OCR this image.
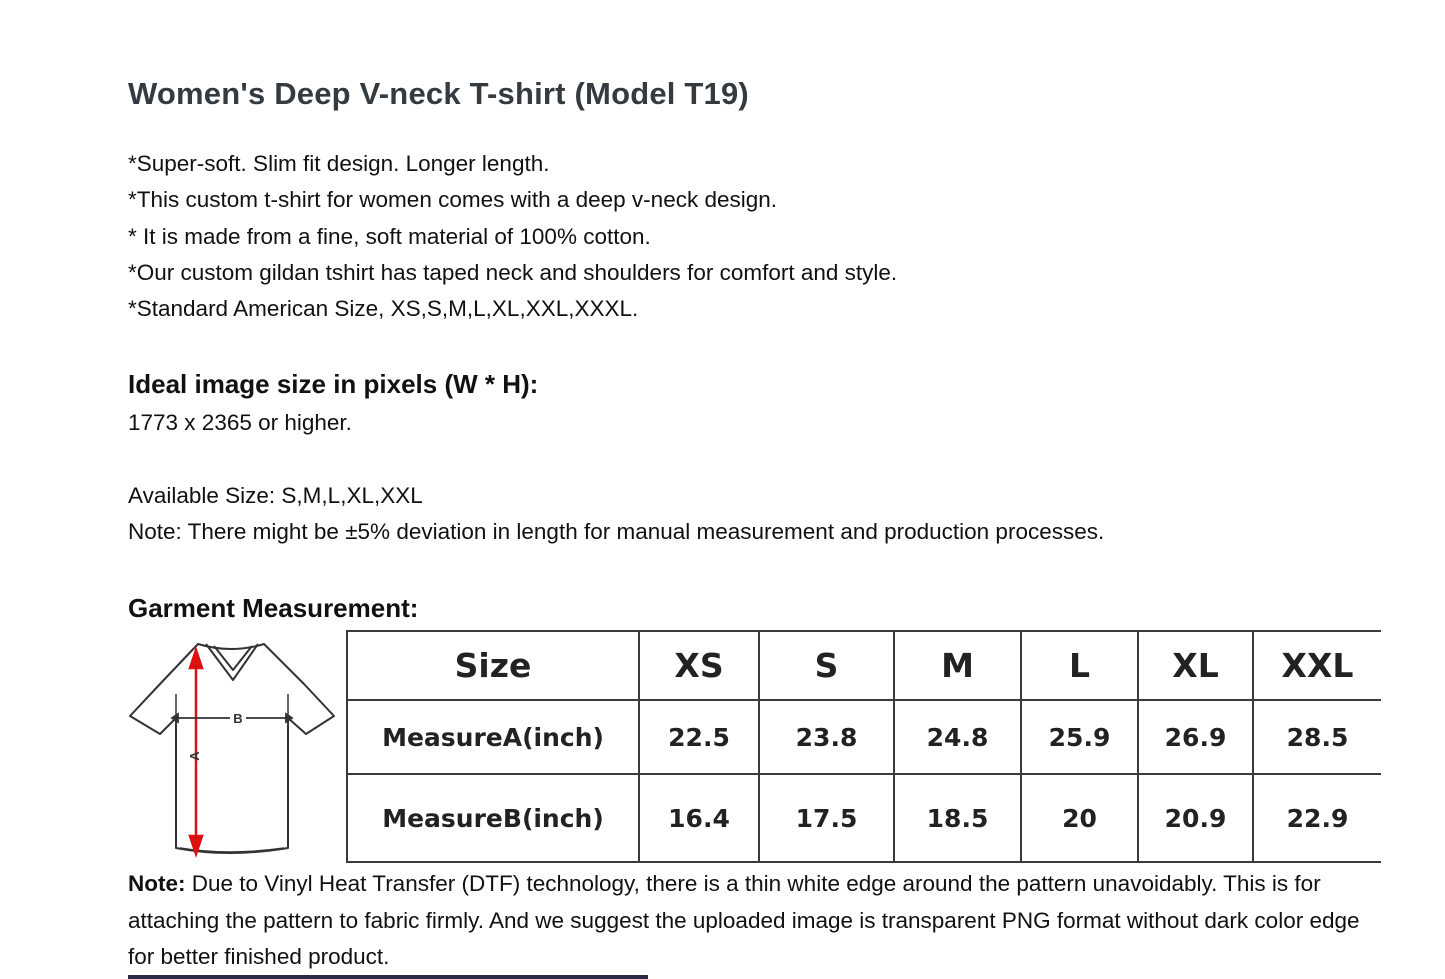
Women's Deep V-neck T-shirt (Model T19)
*Super-soft. Slim fit design. Longer length.
*This custom t-shirt for women comes with a deep v-neck design.
* It is made from a fine, soft material of 100% cotton.
*Our custom gildan tshirt has taped neck and shoulders for comfort and style.
*Standard American Size, XS,S,M,L,XL,XXL,XXXL.
Ideal image size in pixels (W * H):

1773 x 2365 or higher.

Available Size: S,M,L,XL,XXL

Note: There might be ±5% deviation in length for manual measurement and production processes.

Garment Measurement:

Note: Due to Vinyl Heat Transfer (DTF) technology, there is a thin white edge around the pattern unavoidably. This is for attaching the pattern to fabric firmly. And we suggest the uploaded image is transparent PNG format without dark color edge for better finished product.

A
B
Size	XS	S	M	L	XL	XXL
MeasureA(inch)	22.5	23.8	24.8	25.9	26.9	28.5
MeasureB(inch)	16.4	17.5	18.5	20	20.9	22.9
